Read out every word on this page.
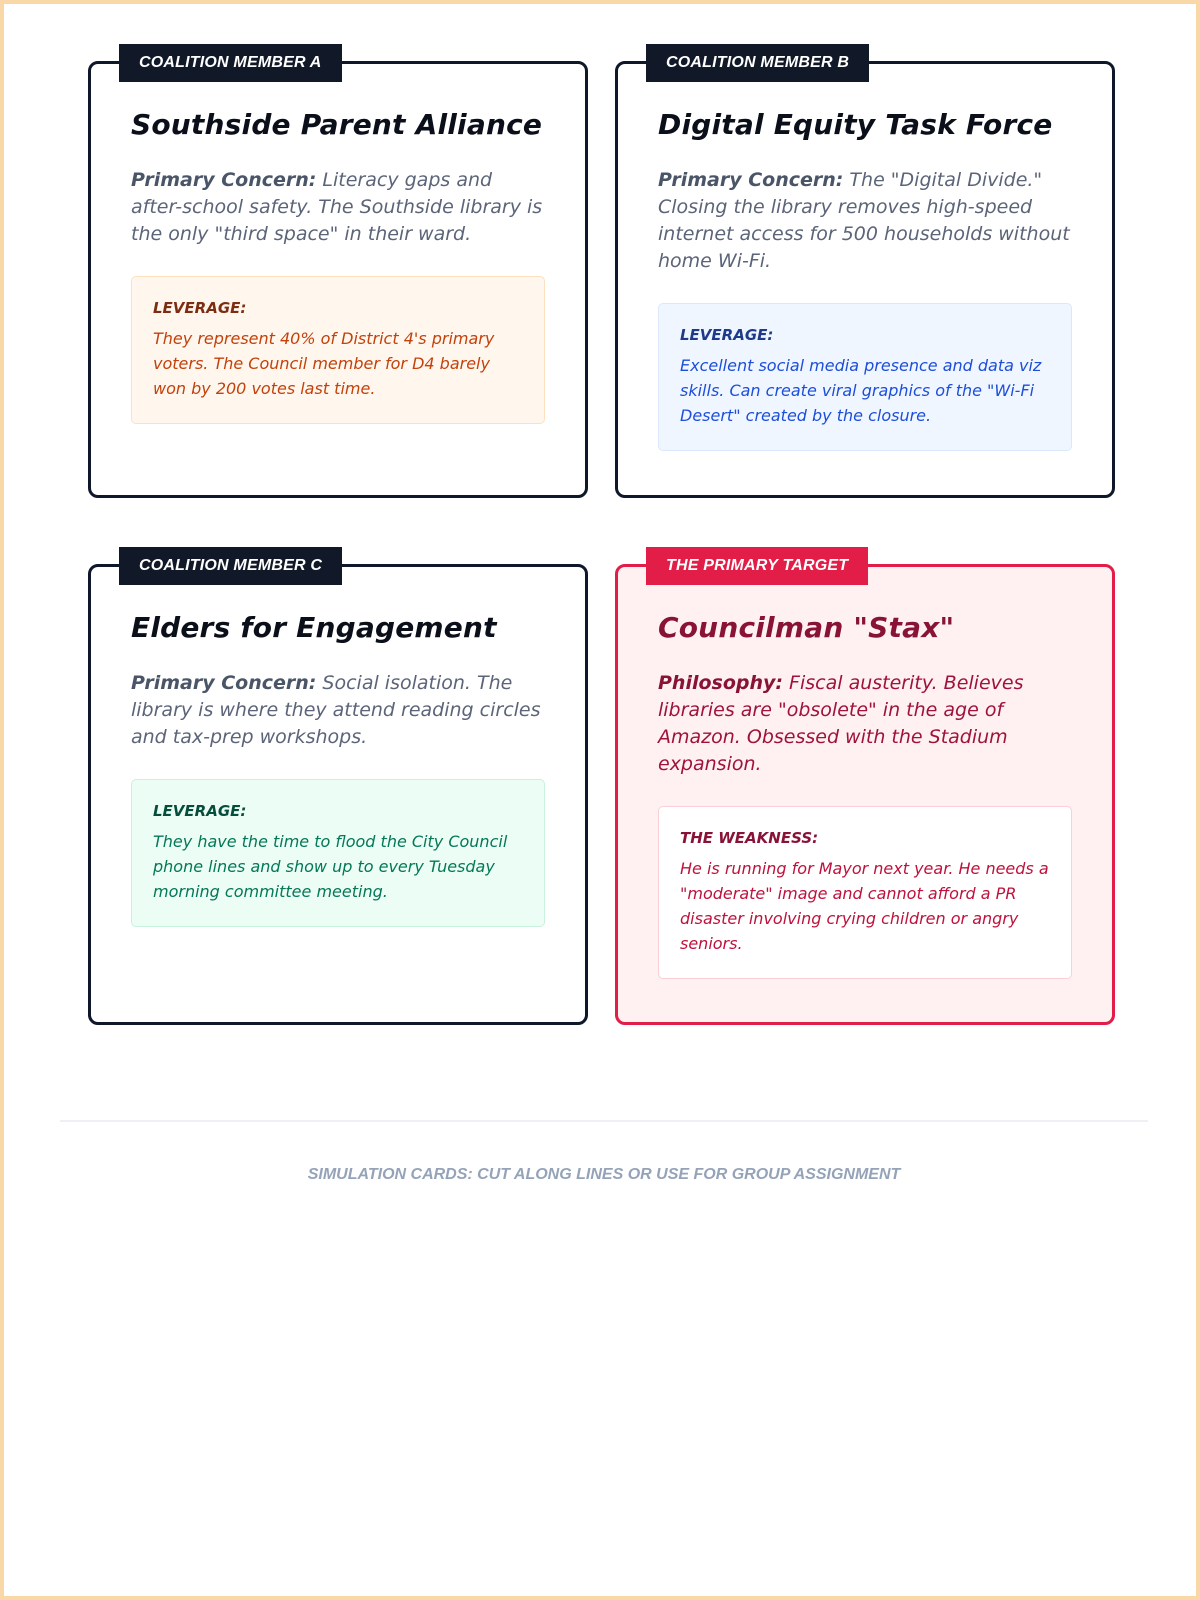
COALITION MEMBER A
Southside Parent Alliance

Primary Concern: Literacy gaps and after-school safety. The Southside library is the only "third space" in their ward.

LEVERAGE:
They represent 40% of District 4's primary voters. The Council member for D4 barely won by 200 votes last time.
COALITION MEMBER B
Digital Equity Task Force

Primary Concern: The "Digital Divide." Closing the library removes high-speed internet access for 500 households without home Wi-Fi.

LEVERAGE:
Excellent social media presence and data viz skills. Can create viral graphics of the "Wi-Fi Desert" created by the closure.
COALITION MEMBER C
Elders for Engagement

Primary Concern: Social isolation. The library is where they attend reading circles and tax-prep workshops.

LEVERAGE:
They have the time to flood the City Council phone lines and show up to every Tuesday morning committee meeting.
THE PRIMARY TARGET
Councilman "Stax"

Philosophy: Fiscal austerity. Believes libraries are "obsolete" in the age of Amazon. Obsessed with the Stadium expansion.

THE WEAKNESS:
He is running for Mayor next year. He needs a "moderate" image and cannot afford a PR disaster involving crying children or angry seniors.
SIMULATION CARDS: CUT ALONG LINES OR USE FOR GROUP ASSIGNMENT
